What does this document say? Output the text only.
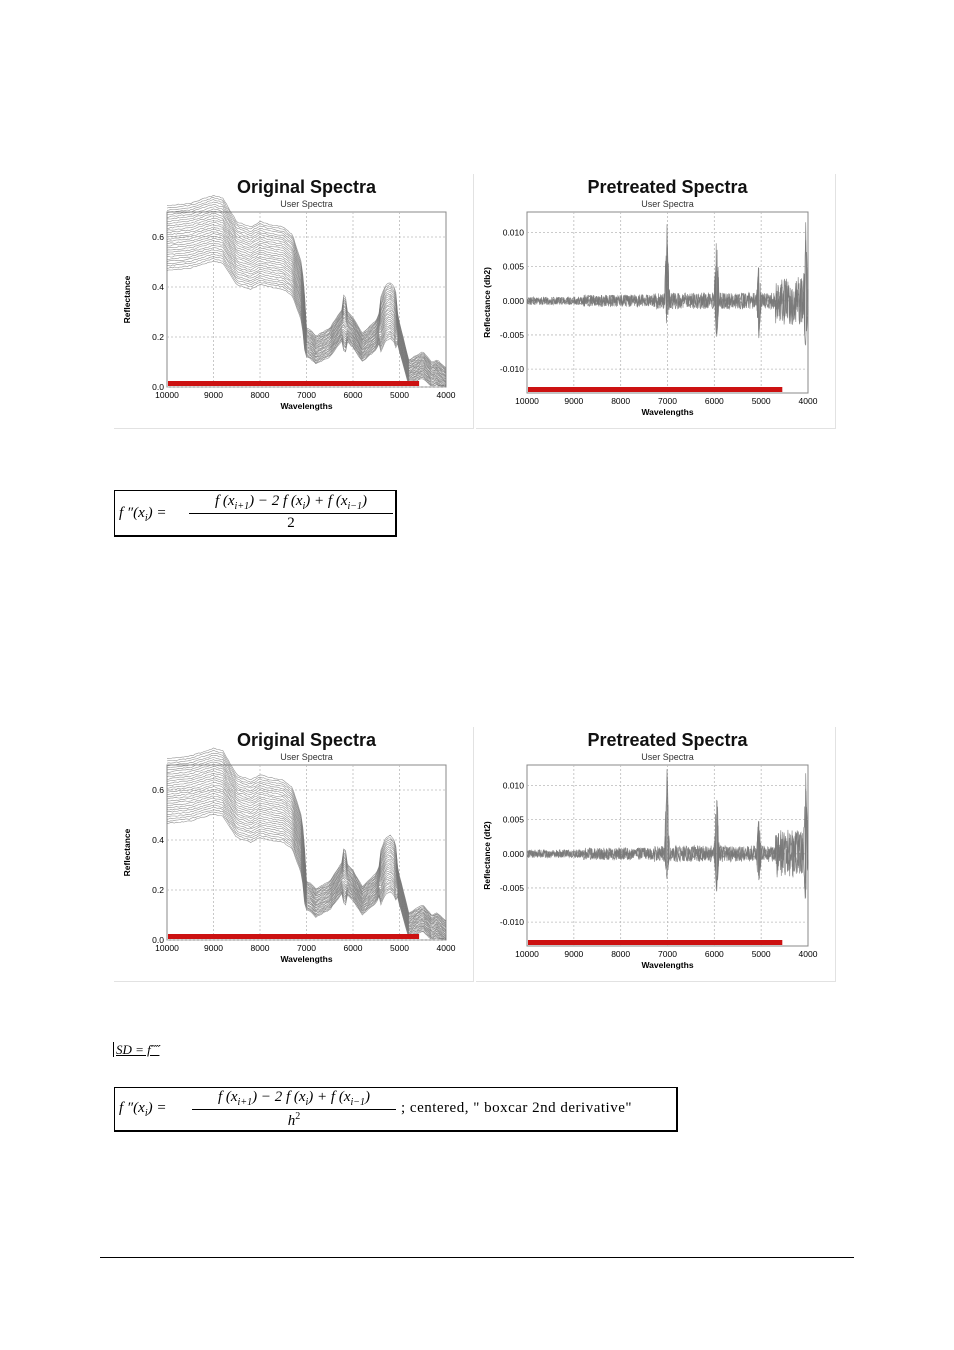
Original Spectra
User Spectra
10000	9000	8000	7000	6000	5000	4000
0.0
0.2
0.4
0.6
Wavelengths
Reflectance
Pretreated Spectra
User Spectra
10000	9000	8000	7000	6000	5000	4000
0.010
0.005
0.000
-0.005
-0.010
Wavelengths
Reflectance (db2)
f $''(x_i)$ =
f $(x_{i+1}) - 2$ f $(x_i) + f$ $(x_{i-1})$
2
Original Spectra
User Spectra
10000	9000	8000	7000	6000	5000	4000
0.0
0.2
0.4
0.6
Wavelengths
Reflectance
Pretreated Spectra
User Spectra
10000	9000	8000	7000	6000	5000	4000
0.010
0.005
0.000
-0.005
-0.010
Wavelengths
Reflectance (dt2)
SD = f˝˝
f $''(x_i)$ =
f $(x_{i+1}) - 2$ f $(x_i) + f$ $(x_{i-1})$
$h^2$
; centered, " boxcar 2nd derivative"
